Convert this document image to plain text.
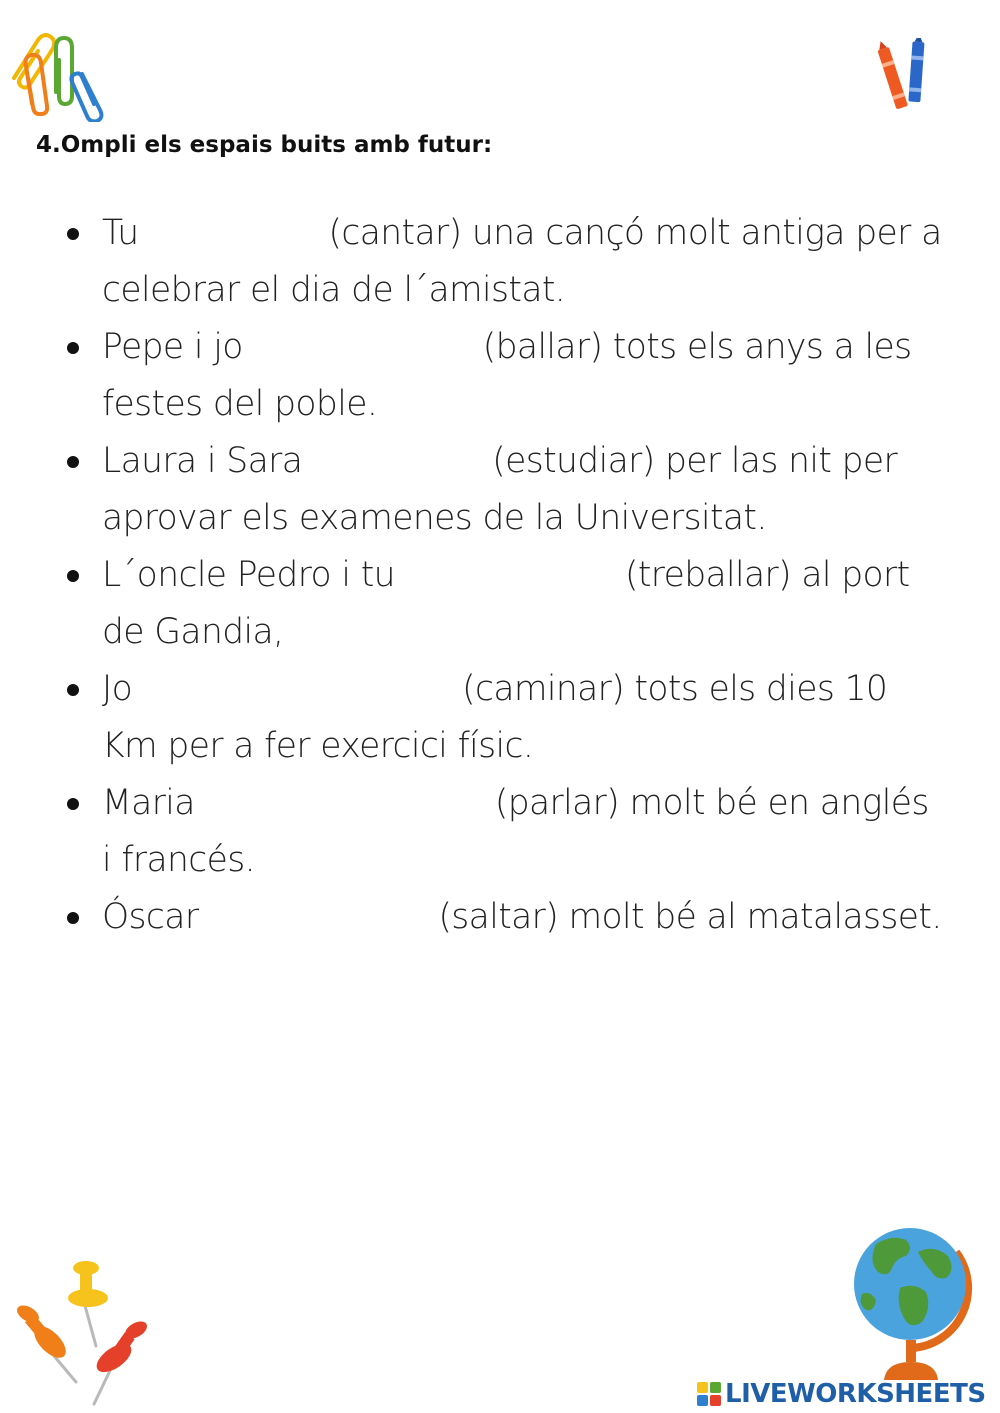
4.Ompli els espais buits amb futur:
Tu	(cantar) una cançó molt antiga per a
celebrar el dia de l´amistat.
Pepe i jo	(ballar) tots els anys a les
festes del poble.
Laura i Sara	(estudiar) per las nit per
aprovar els examenes de la Universitat.
L´oncle Pedro i tu	(treballar) al port
de Gandia,
Jo	(caminar) tots els dies 10
Km per a fer exercici físic.
Maria	(parlar) molt bé en anglés
i francés.
Óscar	(saltar) molt bé al matalasset.
LIVEWORKSHEETS
